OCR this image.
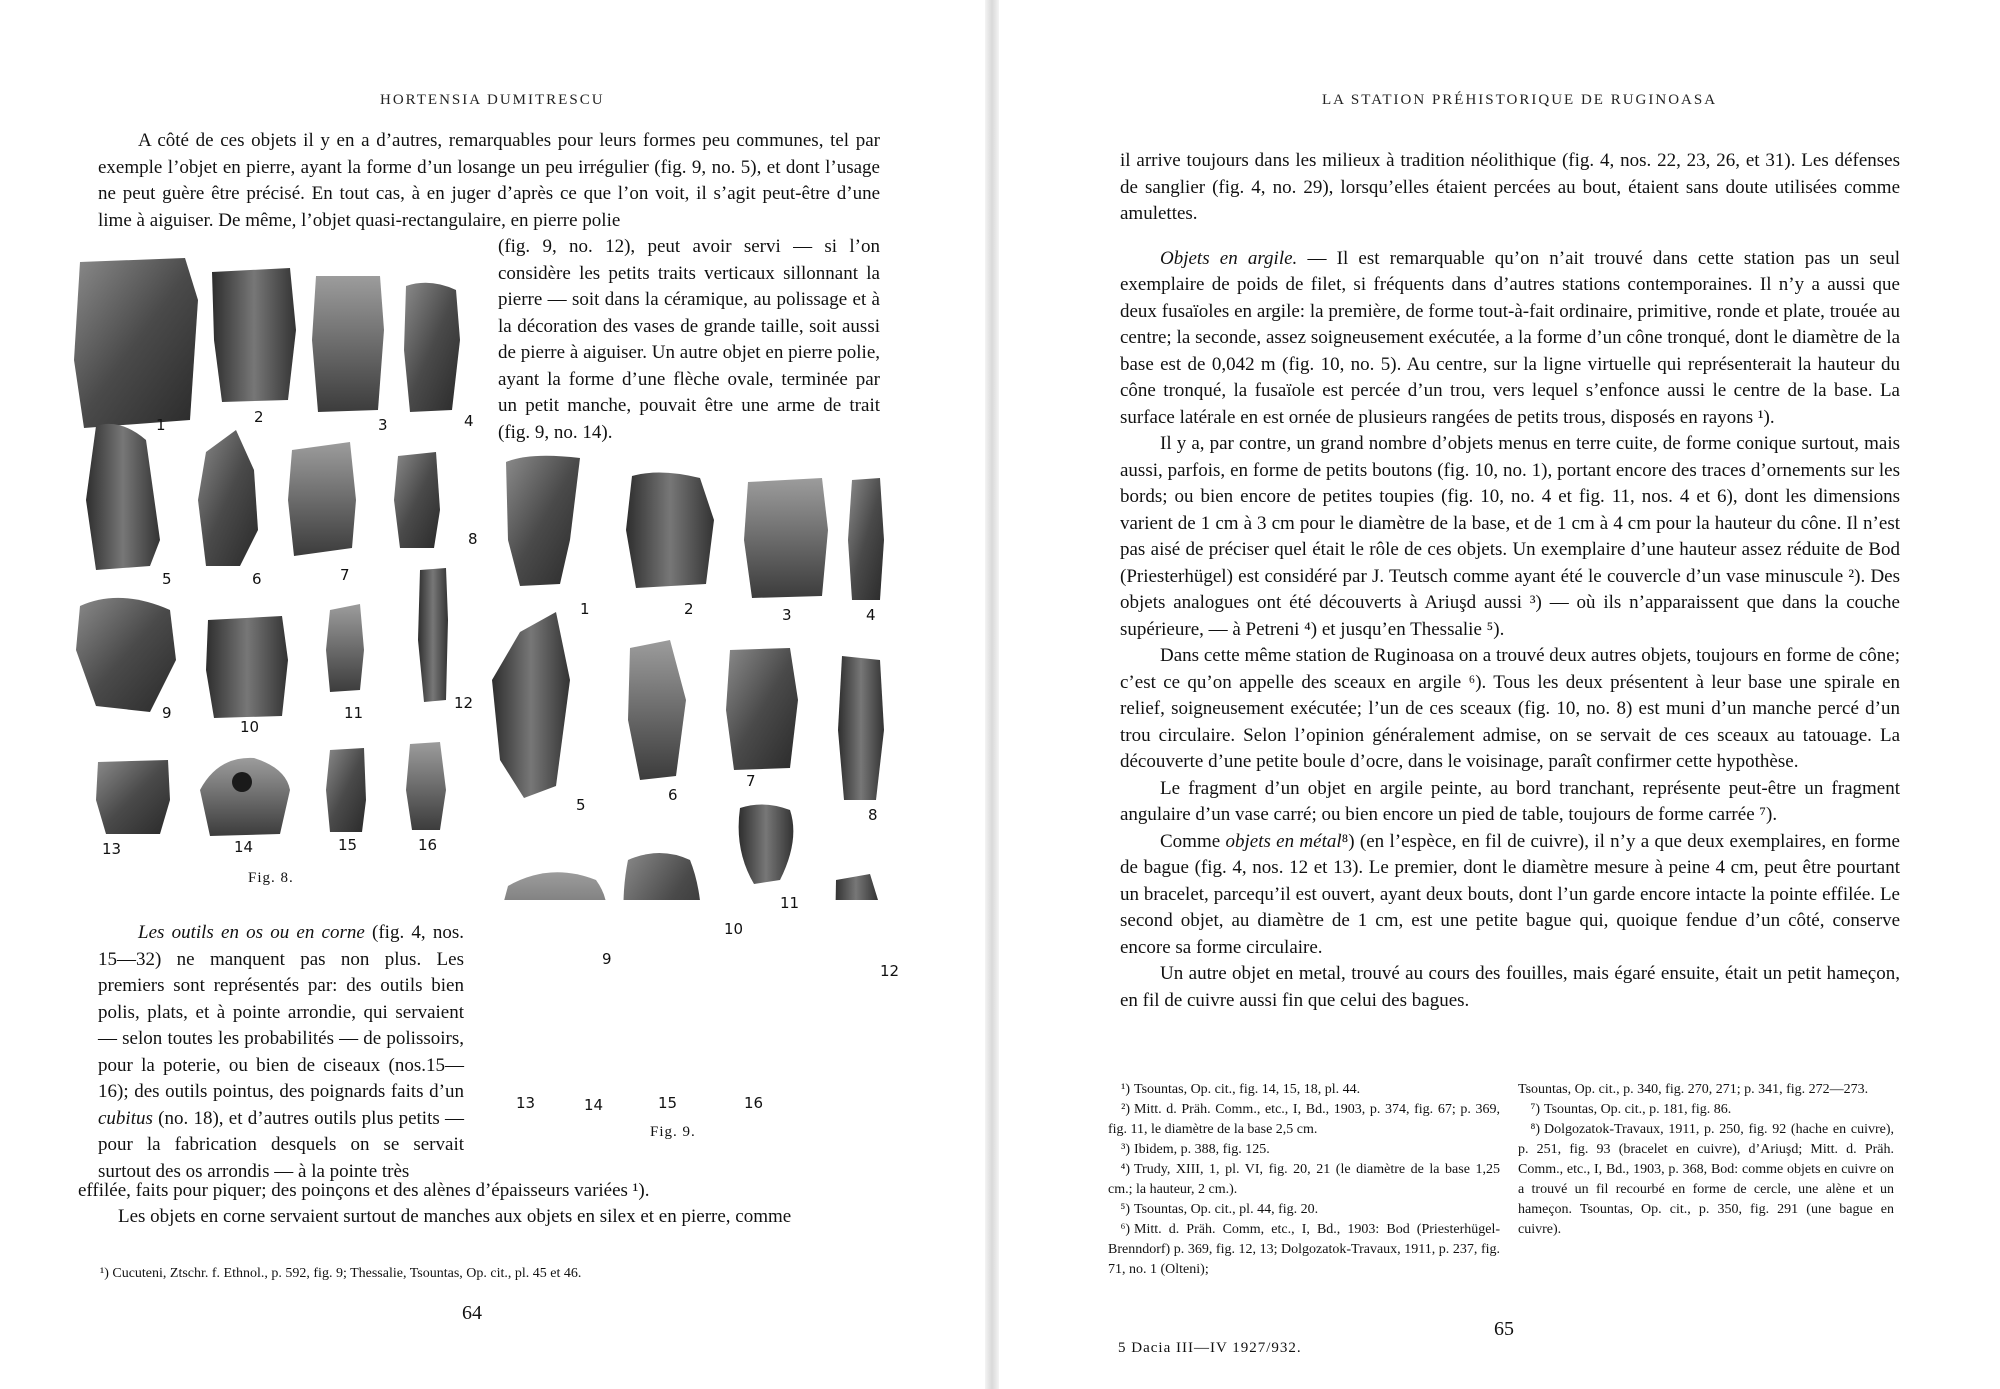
HORTENSIA DUMITRESCU

A côté de ces objets il y en a d’autres, remarquables pour leurs formes peu communes, tel par exemple l’objet en pierre, ayant la forme d’un losange un peu irrégulier (fig. 9, no. 5), et dont l’usage ne peut guère être précisé. En tout cas, à en juger d’après ce que l’on voit, il s’agit peut-être d’une lime à aiguiser. De même, l’objet quasi-rectangulaire, en pierre polie

(fig. 9, no. 12), peut avoir servi — si l’on considère les petits traits verticaux sillonnant la pierre — soit dans la céramique, au polissage et à la décoration des vases de grande taille, soit aussi de pierre à aiguiser. Un autre objet en pierre polie, ayant la forme d’une flèche ovale, terminée par un petit manche, pouvait être une arme de trait (fig. 9, no. 14).

1	2	3	4
5	6	7
8
9
10
11
12
13	14	15	16
Fig. 8.
1	2	3	4
5
6
7
8
9
10
11
12
13	14	15	16
Fig. 9.

Les outils en os ou en corne (fig. 4, nos. 15—32) ne manquent pas non plus. Les premiers sont représentés par: des outils bien polis, plats, et à pointe arrondie, qui servaient — selon toutes les probabilités — de polissoirs, pour la poterie, ou bien de ciseaux (nos.15—16); des outils pointus, des poignards faits d’un cubitus (no. 18), et d’autres outils plus petits — pour la fabrication desquels on se servait surtout des os arrondis — à la pointe très

effilée, faits pour piquer; des poinçons et des alènes d’épaisseurs variées ¹).

Les objets en corne servaient surtout de manches aux objets en silex et en pierre, comme

¹) Cucuteni, Ztschr. f. Ethnol., p. 592, fig. 9; Thessalie, Tsountas, Op. cit., pl. 45 et 46.

64
LA STATION PRÉHISTORIQUE DE RUGINOASA

il arrive toujours dans les milieux à tradition néolithique (fig. 4, nos. 22, 23, 26, et 31). Les défenses de sanglier (fig. 4, no. 29), lorsqu’elles étaient percées au bout, étaient sans doute utilisées comme amulettes.

Objets en argile. — Il est remarquable qu’on n’ait trouvé dans cette station pas un seul exemplaire de poids de filet, si fréquents dans d’autres stations contemporaines. Il n’y a aussi que deux fusaïoles en argile: la première, de forme tout-à-fait ordinaire, primitive, ronde et plate, trouée au centre; la seconde, assez soigneusement exécutée, a la forme d’un cône tronqué, dont le diamètre de la base est de 0,042 m (fig. 10, no. 5). Au centre, sur la ligne virtuelle qui représenterait la hauteur du cône tronqué, la fusaïole est percée d’un trou, vers lequel s’enfonce aussi le centre de la base. La surface latérale en est ornée de plusieurs rangées de petits trous, disposés en rayons ¹).

Il y a, par contre, un grand nombre d’objets menus en terre cuite, de forme conique surtout, mais aussi, parfois, en forme de petits boutons (fig. 10, no. 1), portant encore des traces d’ornements sur les bords; ou bien encore de petites toupies (fig. 10, no. 4 et fig. 11, nos. 4 et 6), dont les dimensions varient de 1 cm à 3 cm pour le diamètre de la base, et de 1 cm à 4 cm pour la hauteur du cône. Il n’est pas aisé de préciser quel était le rôle de ces objets. Un exemplaire d’une hauteur assez réduite de Bod (Priesterhügel) est considéré par J. Teutsch comme ayant été le couvercle d’un vase minuscule ²). Des objets analogues ont été découverts à Ariuşd aussi ³) — où ils n’apparaissent que dans la couche supérieure, — à Petreni ⁴) et jusqu’en Thessalie ⁵).

Dans cette même station de Ruginoasa on a trouvé deux autres objets, toujours en forme de cône; c’est ce qu’on appelle des sceaux en argile ⁶). Tous les deux présentent à leur base une spirale en relief, soigneusement exécutée; l’un de ces sceaux (fig. 10, no. 8) est muni d’un manche percé d’un trou circulaire. Selon l’opinion généralement admise, on se servait de ces sceaux au tatouage. La découverte d’une petite boule d’ocre, dans le voisinage, paraît confirmer cette hypothèse.

Le fragment d’un objet en argile peinte, au bord tranchant, représente peut-être un fragment angulaire d’un vase carré; ou bien encore un pied de table, toujours de forme carrée ⁷).

Comme objets en métal⁸) (en l’espèce, en fil de cuivre), il n’y a que deux exemplaires, en forme de bague (fig. 4, nos. 12 et 13). Le premier, dont le diamètre mesure à peine 4 cm, peut être pourtant un bracelet, parcequ’il est ouvert, ayant deux bouts, dont l’un garde encore intacte la pointe effilée. Le second objet, au diamètre de 1 cm, est une petite bague qui, quoique fendue d’un côté, conserve encore sa forme circulaire.

Un autre objet en metal, trouvé au cours des fouilles, mais égaré ensuite, était un petit hameçon, en fil de cuivre aussi fin que celui des bagues.

¹) Tsountas, Op. cit., fig. 14, 15, 18, pl. 44.

²) Mitt. d. Präh. Comm., etc., I, Bd., 1903, p. 374, fig. 67; p. 369, fig. 11, le diamètre de la base 2,5 cm.

³) Ibidem, p. 388, fig. 125.

⁴) Trudy, XIII, 1, pl. VI, fig. 20, 21 (le diamètre de la base 1,25 cm.; la hauteur, 2 cm.).

⁵) Tsountas, Op. cit., pl. 44, fig. 20.

⁶) Mitt. d. Präh. Comm, etc., I, Bd., 1903: Bod (Priesterhügel-Brenndorf) p. 369, fig. 12, 13; Dolgozatok-Travaux, 1911, p. 237, fig. 71, no. 1 (Olteni);

Tsountas, Op. cit., p. 340, fig. 270, 271; p. 341, fig. 272—273.

⁷) Tsountas, Op. cit., p. 181, fig. 86.

⁸) Dolgozatok-Travaux, 1911, p. 250, fig. 92 (hache en cuivre), p. 251, fig. 93 (bracelet en cuivre), d’Ariuşd; Mitt. d. Präh. Comm., etc., I, Bd., 1903, p. 368, Bod: comme objets en cuivre on a trouvé un fil recourbé en forme de cercle, une alène et un hameçon. Tsountas, Op. cit., p. 350, fig. 291 (une bague en cuivre).

65
5 Dacia III—IV 1927/932.
